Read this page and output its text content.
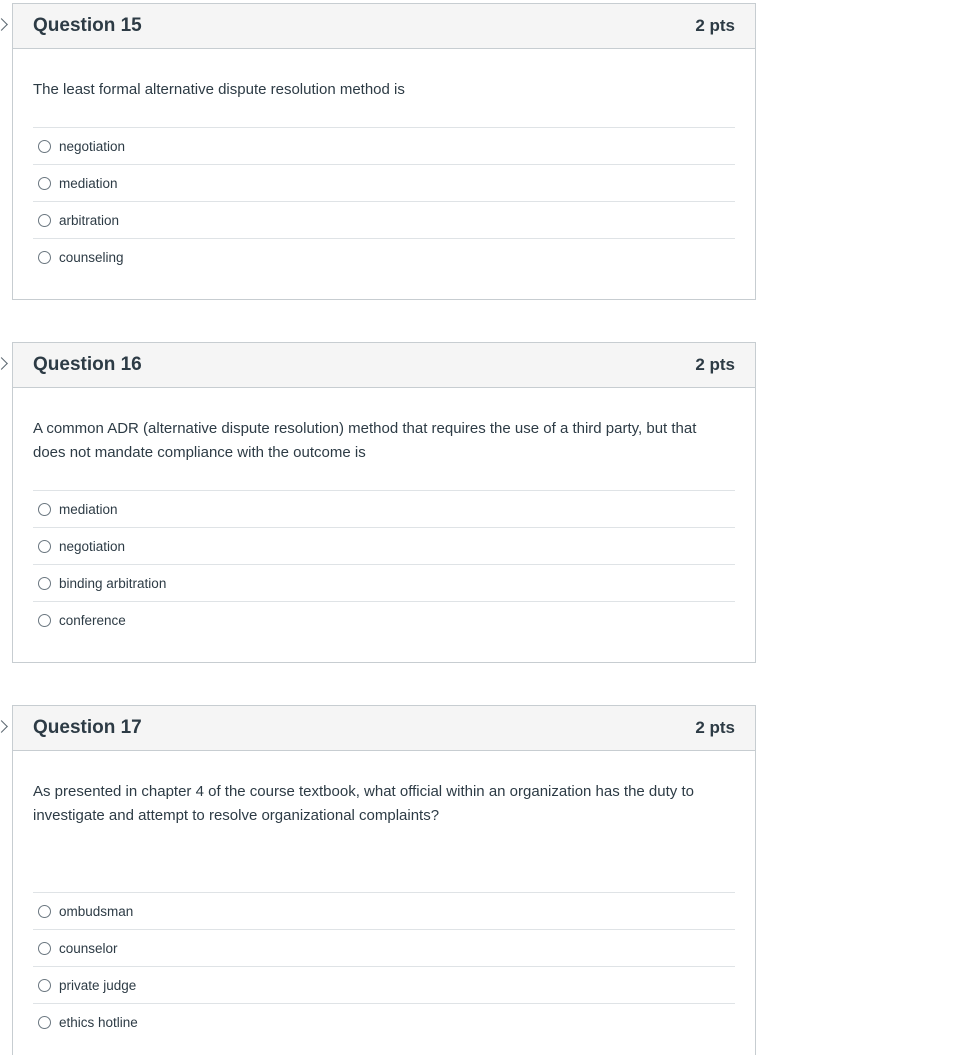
Question 15	2 pts
The least formal alternative dispute resolution method is
negotiation
mediation
arbitration
counseling
Question 16	2 pts
A common ADR (alternative dispute resolution) method that requires the use of a third party, but that does not mandate compliance with the outcome is
mediation
negotiation
binding arbitration
conference
Question 17	2 pts
As presented in chapter 4 of the course textbook, what official within an organization has the duty to investigate and attempt to resolve organizational complaints?
ombudsman
counselor
private judge
ethics hotline
